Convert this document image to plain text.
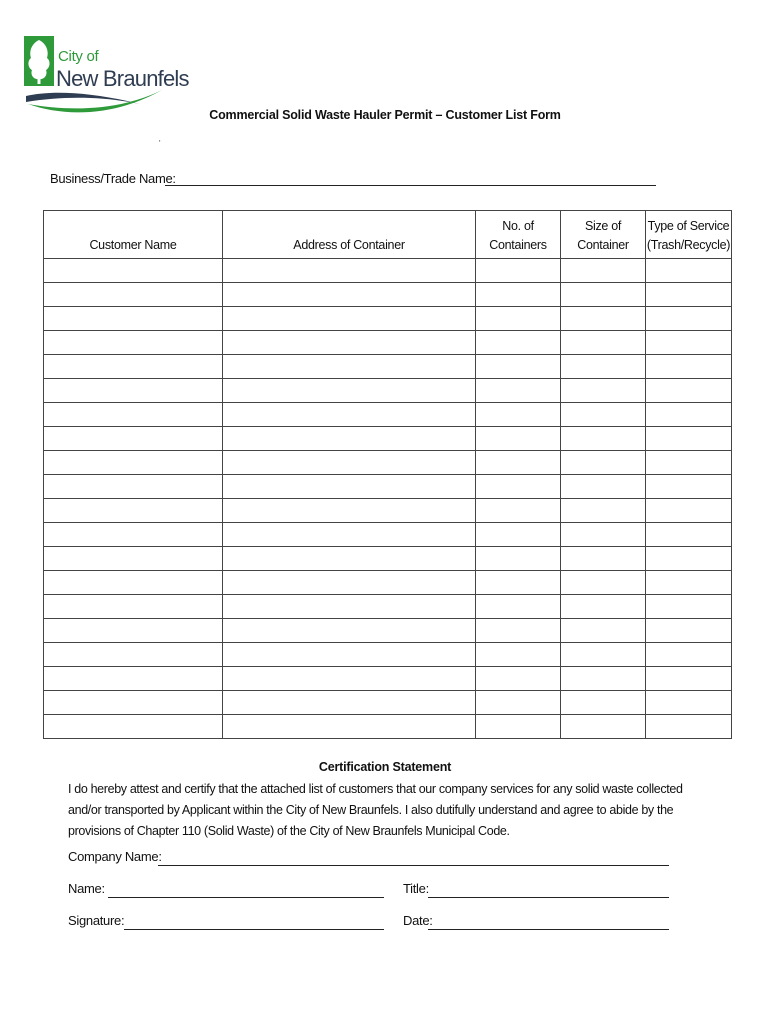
City of
New Braunfels
Commercial Solid Waste Hauler Permit – Customer List Form
'
Business/Trade Name:
Customer Name	Address of Container	No. of Containers	Size of Container	Type of Service (Trash/Recycle)

Certification Statement
I do hereby attest and certify that the attached list of customers that our company services for any solid waste collected and/or transported by Applicant within the City of New Braunfels. I also dutifully understand and agree to abide by the provisions of Chapter 110 (Solid Waste) of the City of New Braunfels Municipal Code.
Company Name:
Name:	Title:
Signature:	Date:
